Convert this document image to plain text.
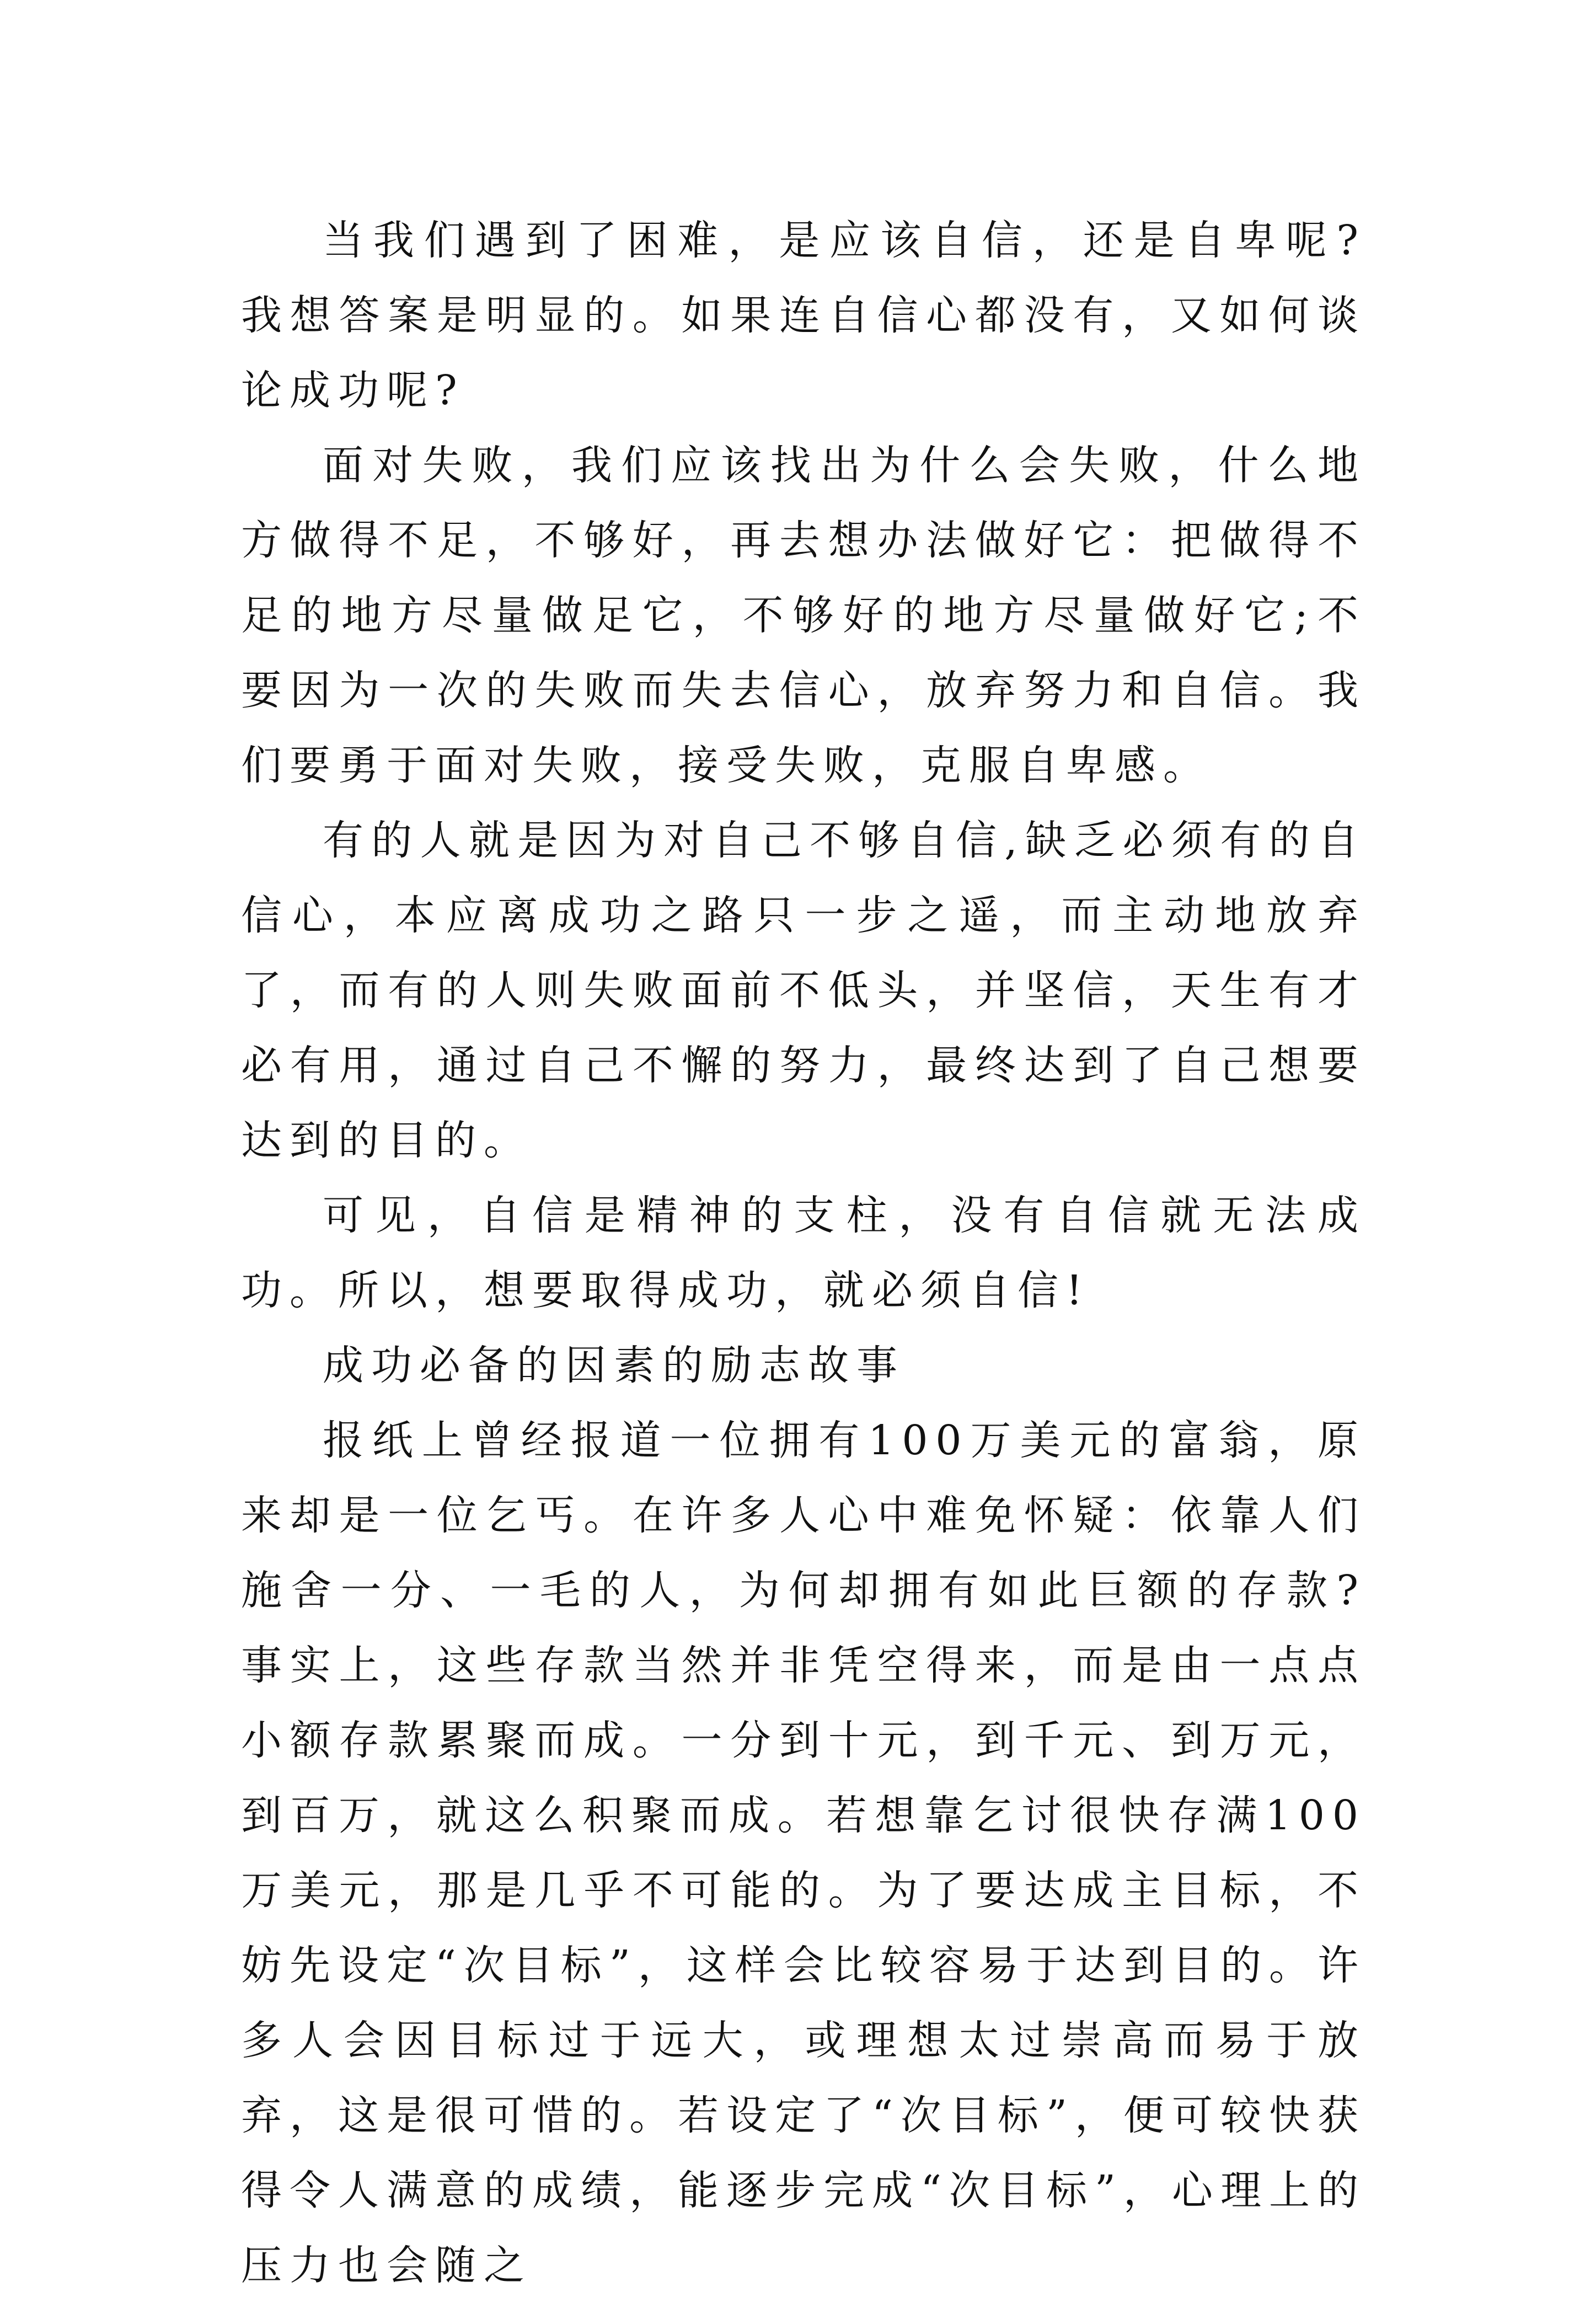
当我们遇到了困难，是应该自信，还是自卑呢?我想答案是明显的。如果连自信心都没有，又如何谈论成功呢?

面对失败，我们应该找出为什么会失败，什么地方做得不足，不够好，再去想办法做好它：把做得不足的地方尽量做足它，不够好的地方尽量做好它;不要因为一次的失败而失去信心，放弃努力和自信。我们要勇于面对失败，接受失败，克服自卑感。

有的人就是因为对自己不够自信,缺乏必须有的自信心，本应离成功之路只一步之遥，而主动地放弃了，而有的人则失败面前不低头，并坚信，天生有才必有用，通过自己不懈的努力，最终达到了自己想要达到的目的。

可见，自信是精神的支柱，没有自信就无法成功。所以，想要取得成功，就必须自信!

成功必备的因素的励志故事

报纸上曾经报道一位拥有100万美元的富翁，原来却是一位乞丐。在许多人心中难免怀疑：依靠人们施舍一分、一毛的人，为何却拥有如此巨额的存款?事实上，这些存款当然并非凭空得来，而是由一点点小额存款累聚而成。一分到十元，到千元、到万元，到百万，就这么积聚而成。若想靠乞讨很快存满100万美元，那是几乎不可能的。为了要达成主目标，不妨先设定“次目标”，这样会比较容易于达到目的。许多人会因目标过于远大，或理想太过崇高而易于放弃，这是很可惜的。若设定了“次目标”，便可较快获得令人满意的成绩，能逐步完成“次目标”，心理上的压力也会随之
